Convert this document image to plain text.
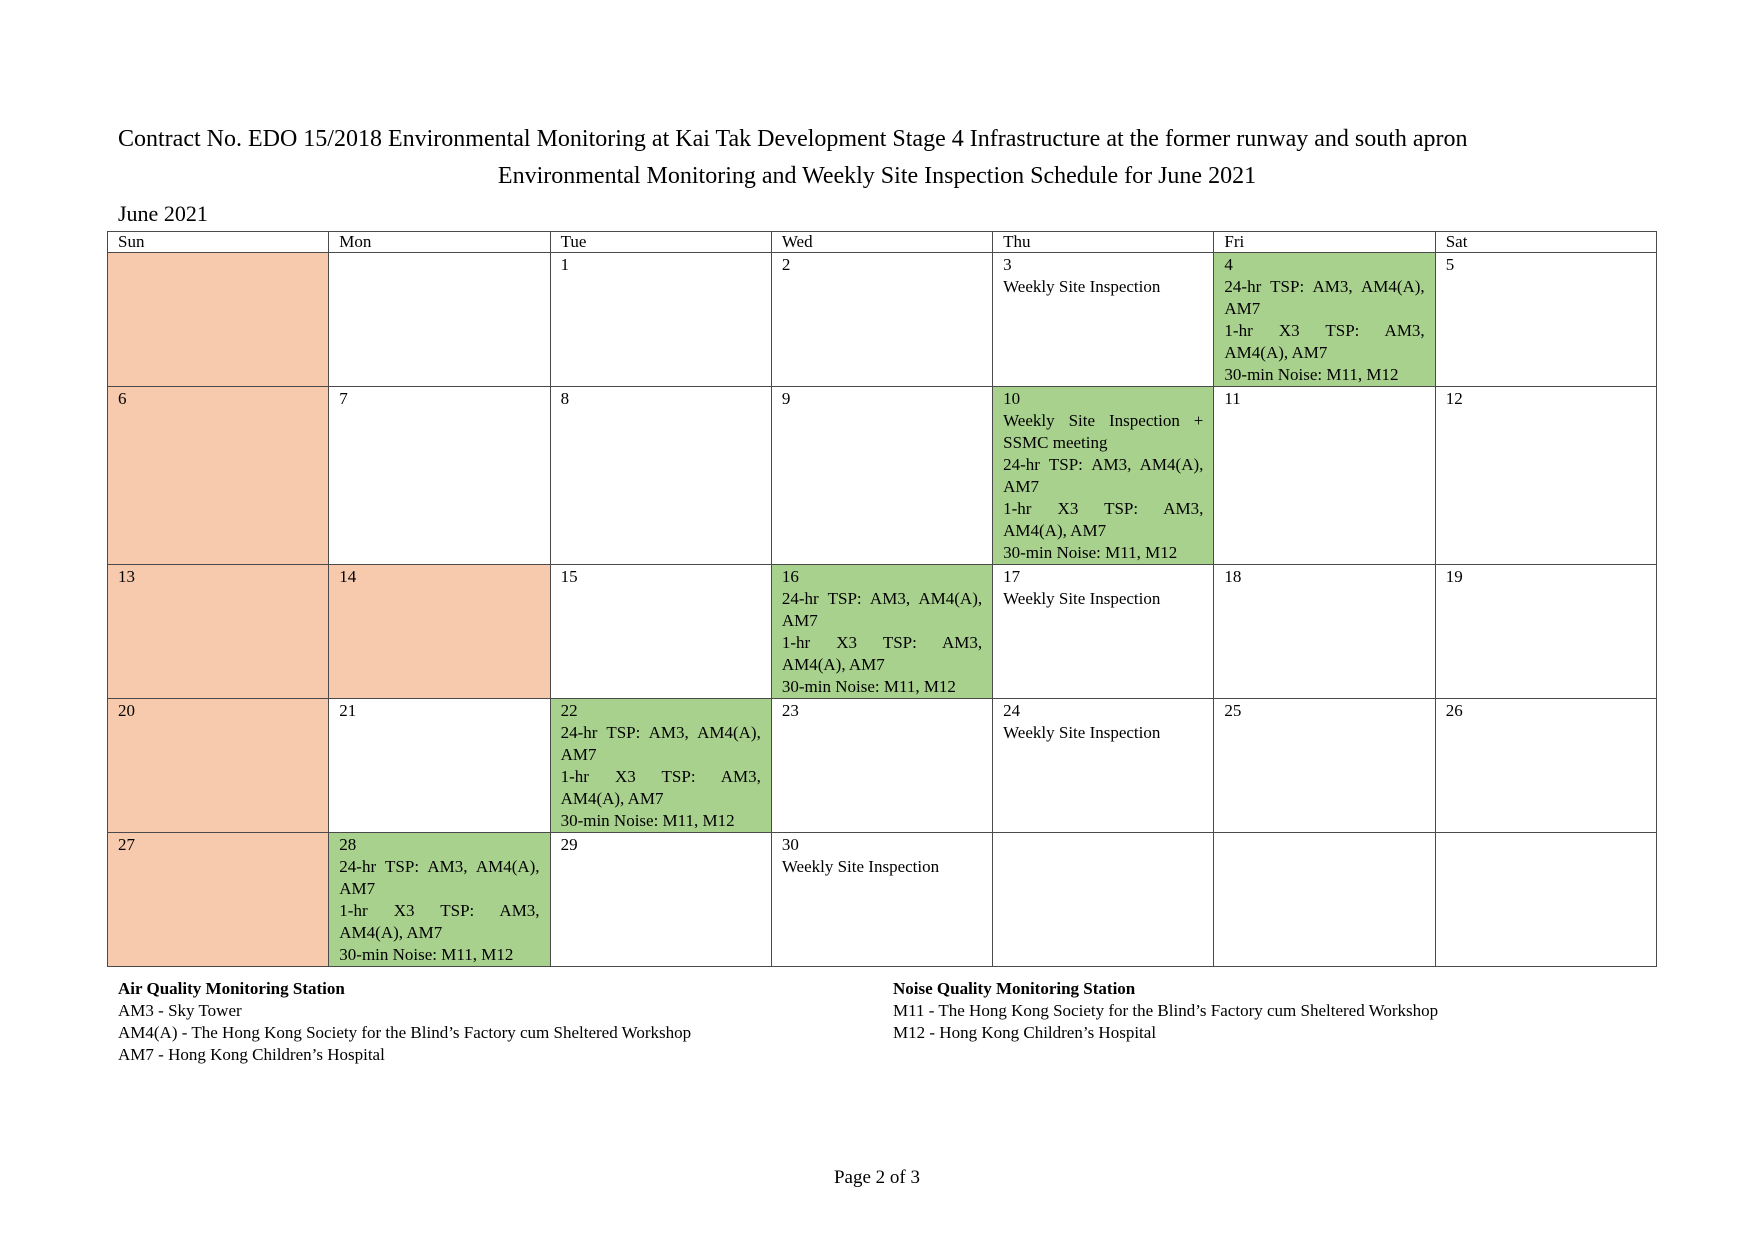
Contract No. EDO 15/2018 Environmental Monitoring at Kai Tak Development Stage 4 Infrastructure at the former runway and south apron
Environmental Monitoring and Weekly Site Inspection Schedule for June 2021
June 2021
Sun	Mon	Tue	Wed	Thu	Fri	Sat

		1	2	3
Weekly Site Inspection	4
24-hr TSP: AM3, AM4(A), AM7
1-hr X3 TSP: AM3, AM4(A), AM7
30-min Noise: M11, M12	5

6	7	8	9	10
Weekly Site Inspection + SSMC meeting
24-hr TSP: AM3, AM4(A), AM7
1-hr X3 TSP: AM3, AM4(A), AM7
30-min Noise: M11, M12	11	12

13	14	15	16
24-hr TSP: AM3, AM4(A), AM7
1-hr X3 TSP: AM3, AM4(A), AM7
30-min Noise: M11, M12	17
Weekly Site Inspection	18	19

20	21	22
24-hr TSP: AM3, AM4(A), AM7
1-hr X3 TSP: AM3, AM4(A), AM7
30-min Noise: M11, M12	23	24
Weekly Site Inspection	25	26

27	28
24-hr TSP: AM3, AM4(A), AM7
1-hr X3 TSP: AM3, AM4(A), AM7
30-min Noise: M11, M12	29	30
Weekly Site Inspection			

Air Quality Monitoring Station
AM3 - Sky Tower
AM4(A) - The Hong Kong Society for the Blind’s Factory cum Sheltered Workshop
AM7 - Hong Kong Children’s Hospital
Noise Quality Monitoring Station
M11 - The Hong Kong Society for the Blind’s Factory cum Sheltered Workshop
M12 - Hong Kong Children’s Hospital
Page 2 of 3
